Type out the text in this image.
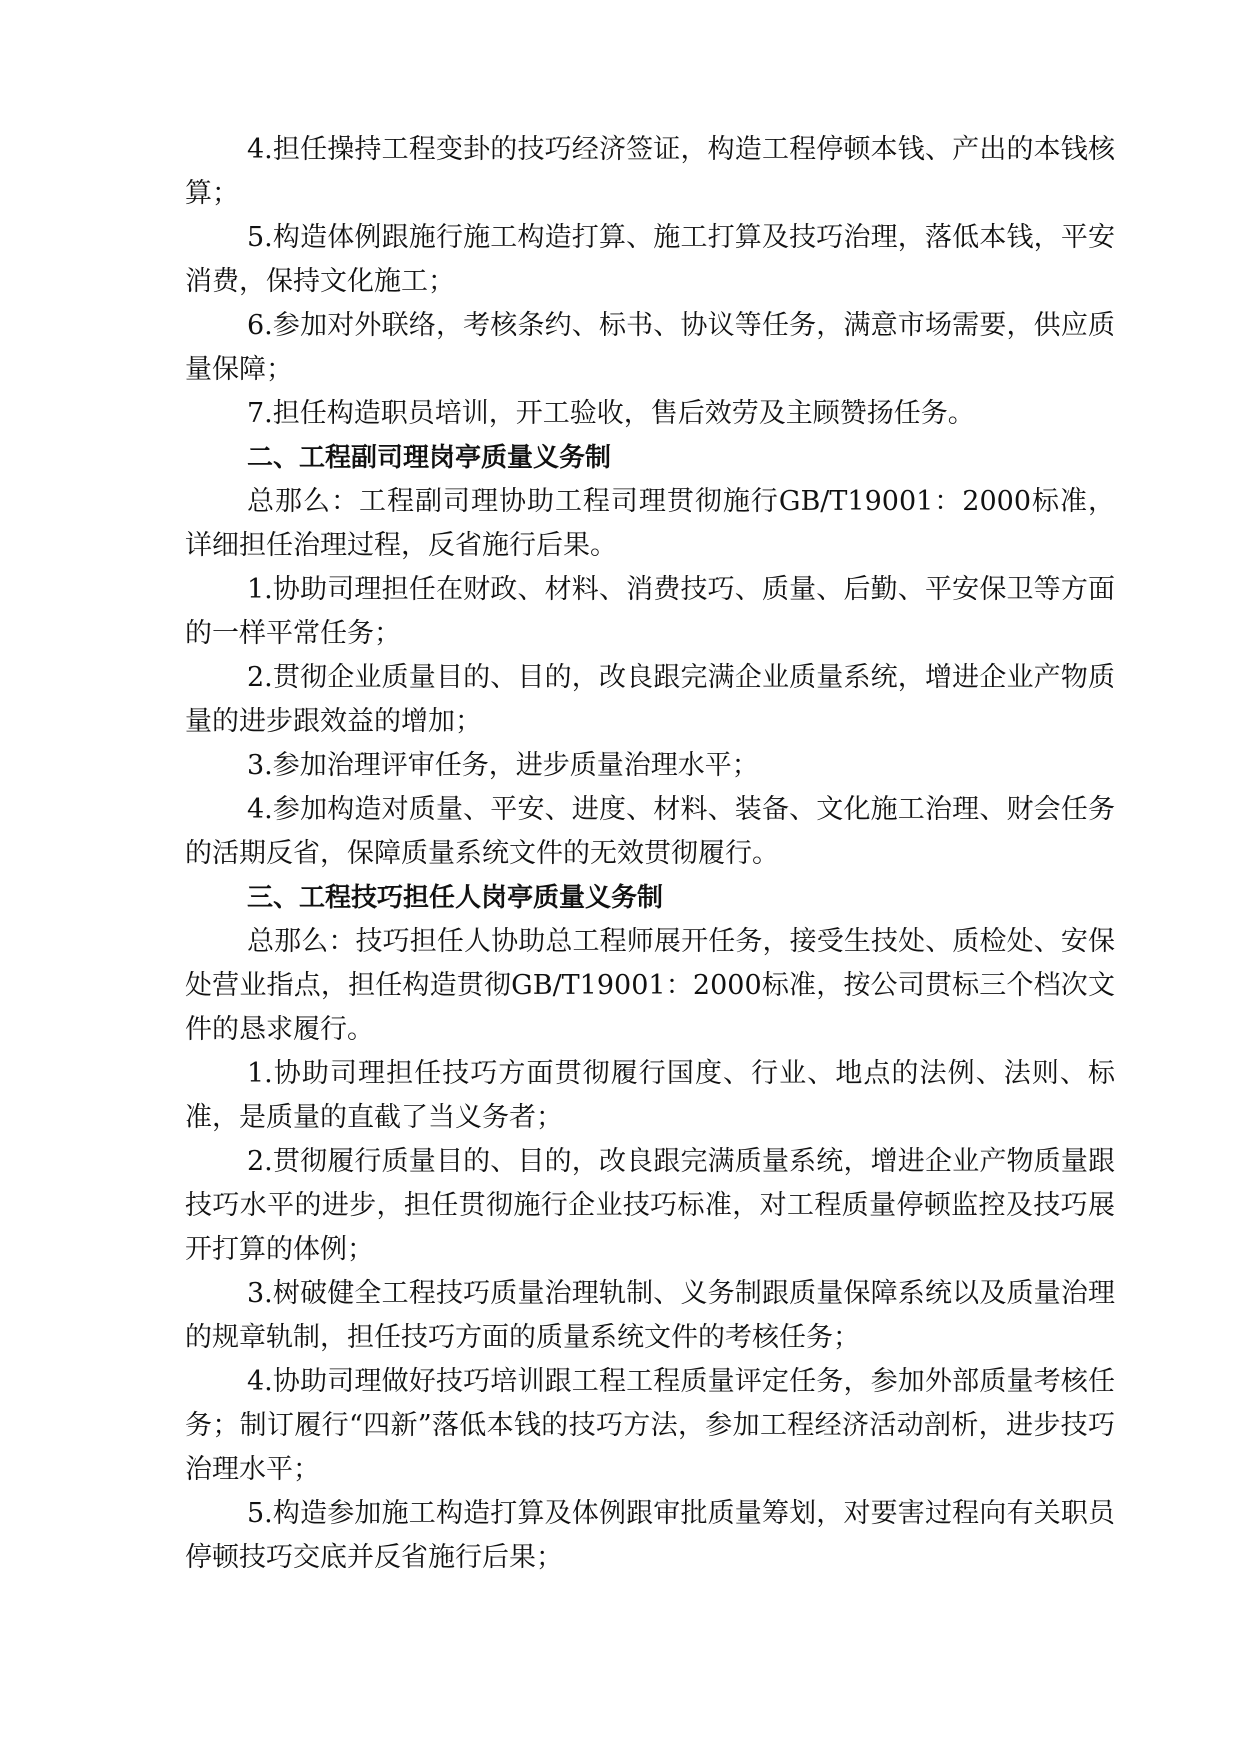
4.担任操持工程变卦的技巧经济签证，构造工程停顿本钱、产出的本钱核算；

5.构造体例跟施行施工构造打算、施工打算及技巧治理，落低本钱，平安消费，保持文化施工；

6.参加对外联络，考核条约、标书、协议等任务，满意市场需要，供应质量保障；

7.担任构造职员培训，开工验收，售后效劳及主顾赞扬任务。

二、工程副司理岗亭质量义务制

总那么：工程副司理协助工程司理贯彻施行GB/T19001：2000标准，详细担任治理过程，反省施行后果。

1.协助司理担任在财政、材料、消费技巧、质量、后勤、平安保卫等方面的一样平常任务；

2.贯彻企业质量目的、目的，改良跟完满企业质量系统，增进企业产物质量的进步跟效益的增加；

3.参加治理评审任务，进步质量治理水平；

4.参加构造对质量、平安、进度、材料、装备、文化施工治理、财会任务的活期反省，保障质量系统文件的无效贯彻履行。

三、工程技巧担任人岗亭质量义务制

总那么：技巧担任人协助总工程师展开任务，接受生技处、质检处、安保处营业指点，担任构造贯彻GB/T19001：2000标准，按公司贯标三个档次文件的恳求履行。

1.协助司理担任技巧方面贯彻履行国度、行业、地点的法例、法则、标准，是质量的直截了当义务者；

2.贯彻履行质量目的、目的，改良跟完满质量系统，增进企业产物质量跟技巧水平的进步，担任贯彻施行企业技巧标准，对工程质量停顿监控及技巧展开打算的体例；

3.树破健全工程技巧质量治理轨制、义务制跟质量保障系统以及质量治理的规章轨制，担任技巧方面的质量系统文件的考核任务；

4.协助司理做好技巧培训跟工程工程质量评定任务，参加外部质量考核任务；制订履行“四新”落低本钱的技巧方法，参加工程经济活动剖析，进步技巧治理水平；

5.构造参加施工构造打算及体例跟审批质量筹划，对要害过程向有关职员停顿技巧交底并反省施行后果；
